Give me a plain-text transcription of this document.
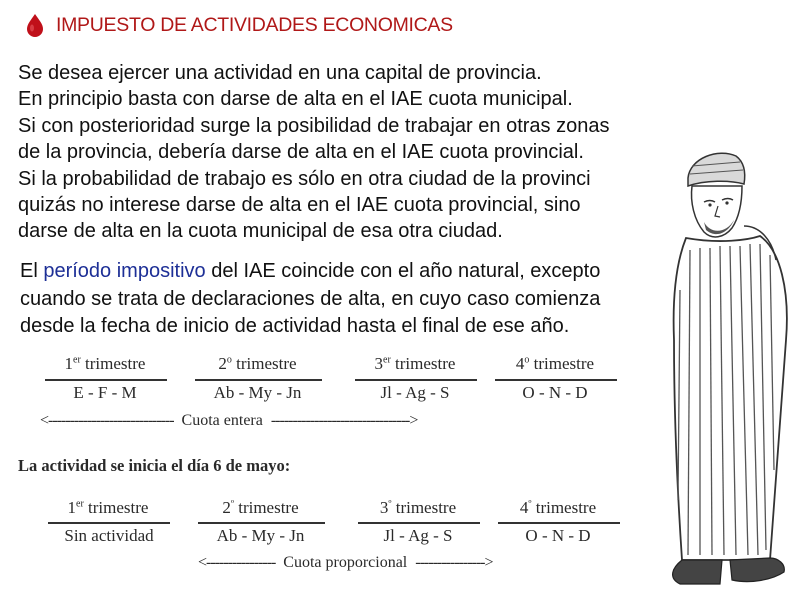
IMPUESTO DE ACTIVIDADES ECONOMICAS
Se desea ejercer una actividad en una capital de provincia.
En principio basta con darse de alta en el IAE cuota municipal.
Si con posterioridad surge la posibilidad de trabajar en otras zonas
de la provincia, debería darse de alta en el IAE cuota provincial.
Si la probabilidad de trabajo es sólo en otra ciudad de la provinci
quizás no interese darse de alta en el IAE cuota provincial, sino
darse de alta en la cuota municipal de esa otra ciudad.
El período impositivo del IAE coincide con el año natural, excepto
cuando se trata de declaraciones de alta, en cuyo caso comienza
desde la fecha de inicio de actividad hasta el final de ese año.
1er trimestre
E - F - M
2$^o$ trimestre
Ab - My - Jn
3er trimestre
Jl - Ag - S
4$^o$ trimestre
O - N - D
<----------------------------- Cuota entera -------------------------------->
La actividad se inicia el día 6 de mayo:
1er trimestre
Sin actividad
$2^º$ trimestre
Ab - My - Jn
$3^º$ trimestre
Jl - Ag - S
$4^º$ trimestre
O - N - D
<---------------- Cuota proporcional ---------------->
